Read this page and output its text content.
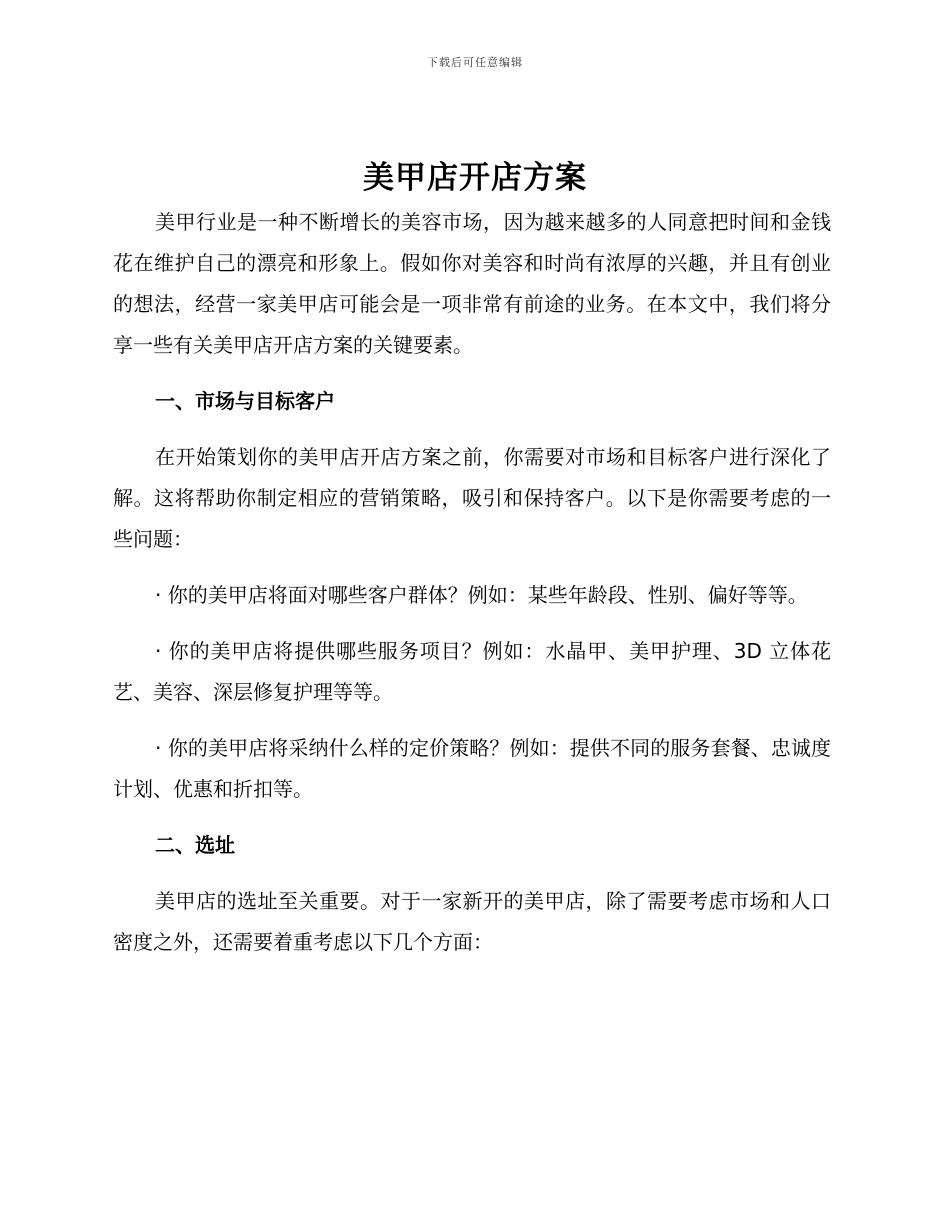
下载后可任意编辑
美甲店开店方案

美甲行业是一种不断增长的美容市场，因为越来越多的人同意把时间和金钱花在维护自己的漂亮和形象上。假如你对美容和时尚有浓厚的兴趣，并且有创业的想法，经营一家美甲店可能会是一项非常有前途的业务。在本文中，我们将分享一些有关美甲店开店方案的关键要素。

一、市场与目标客户

在开始策划你的美甲店开店方案之前，你需要对市场和目标客户进行深化了解。这将帮助你制定相应的营销策略，吸引和保持客户。以下是你需要考虑的一些问题：

· 你的美甲店将面对哪些客户群体？例如：某些年龄段、性别、偏好等等。

· 你的美甲店将提供哪些服务项目？例如：水晶甲、美甲护理、3D 立体花艺、美容、深层修复护理等等。

· 你的美甲店将采纳什么样的定价策略？例如：提供不同的服务套餐、忠诚度计划、优惠和折扣等。

二、选址

美甲店的选址至关重要。对于一家新开的美甲店，除了需要考虑市场和人口密度之外，还需要着重考虑以下几个方面：
